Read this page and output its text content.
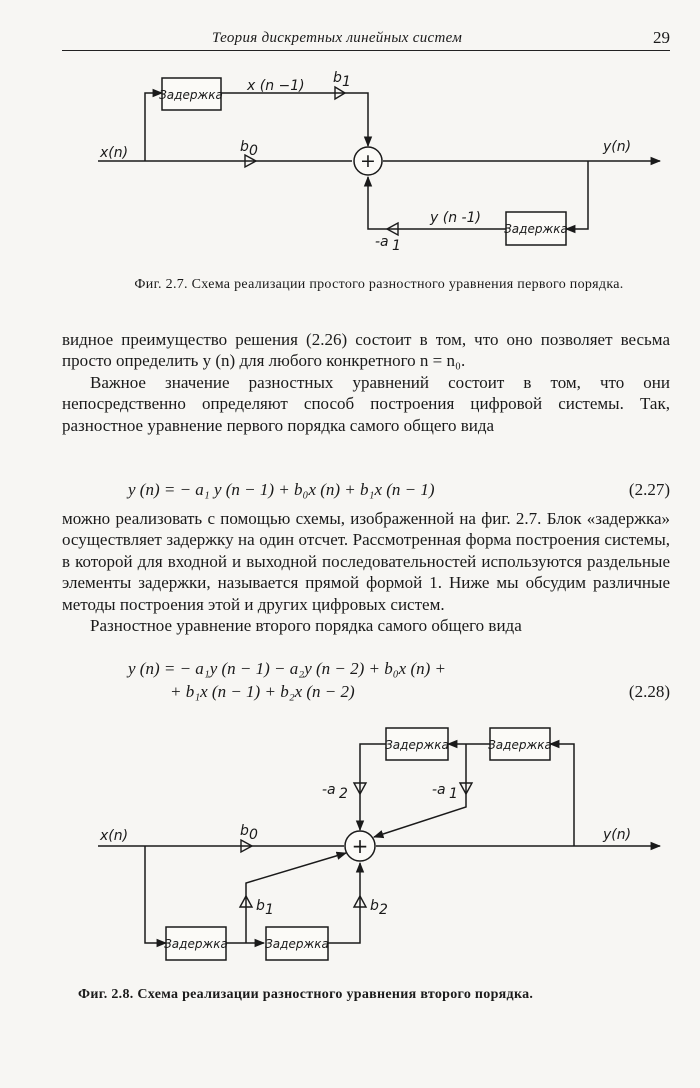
Теория дискретных линейных систем	29
Задержка
Задержка
+
x (n −1) b 1
x(n)	b 0	y(n)
y (n -1)
-a 1
Фиг. 2.7. Схема реализации простого разностного уравнения первого порядка.
видное преимущество решения (2.26) состоит в том, что оно позволяет весьма просто определить y (n) для любого конкретного n = n₀.
Важное значение разностных уравнений состоит в том, что они непосредственно определяют способ построения цифровой системы. Так, разностное уравнение первого порядка самого общего вида
y (n) = − a₁ y (n − 1) + b₀x (n) + b₁x (n − 1)	(2.27)
можно реализовать с помощью схемы, изображенной на фиг. 2.7. Блок «задержка» осуществляет задержку на один отсчет. Рассмотренная форма построения системы, в которой для входной и выходной последовательностей используются раздельные элементы задержки, называется прямой формой 1. Ниже мы обсудим различные методы построения этой и других цифровых систем.
Разностное уравнение второго порядка самого общего вида
y (n) = − a₁y (n − 1) − a₂y (n − 2) + b₀x (n) +
+ b₁x (n − 1) + b₂x (n − 2)	(2.28)
Задержка	Задержка
Задержка	Задержка
+
-a 2	-a 1
x(n)	b 0	y(n)
b 1	b 2
Фиг. 2.8. Схема реализации разностного уравнения второго порядка.
